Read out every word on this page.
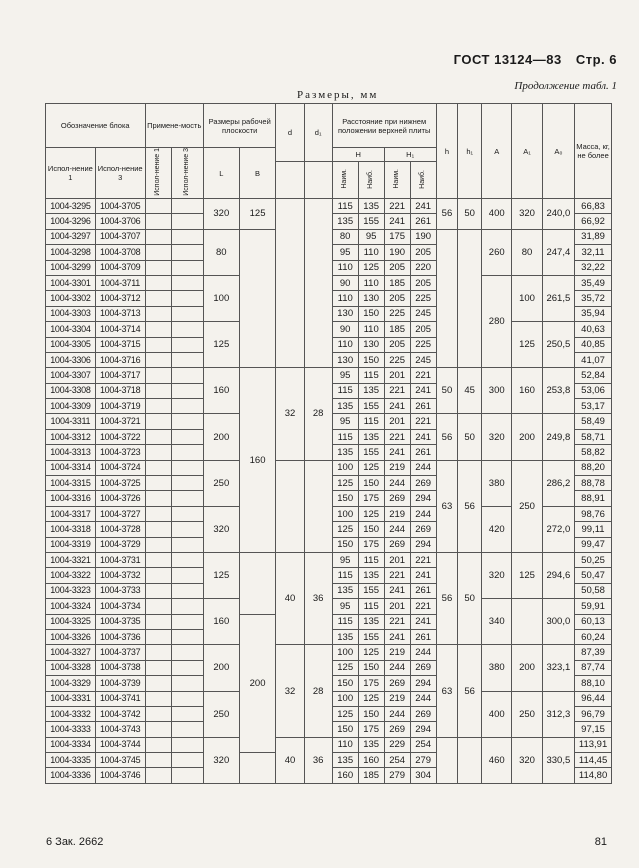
ГОСТ 13124—83 Стр. 6
Продолжение табл. 1
Размеры, мм
Обозначение блока		Примене-мость		Размеры рабочей плоскости		d	d₁	Расстояние при нижнем положении верхней плиты				h	h₁	A	A₁	A₀	Масса, кг, не более
Испол-нение 1	Испол-нение 3	Испол-нение 1	Испол-нение 3	L	B			H		H₁							
								Наим.	Наиб.	Наим.	Наиб.						
1004-3295	1004-3705			320	125			115	135	221	241	56	50	400	320	240,0	66,83
1004-3296	1004-3706							135	155	241	261						66,92
1004-3297	1004-3707			80				80	95	175	190			260	80	247,4	31,89
1004-3298	1004-3708							95	110	190	205						32,11
1004-3299	1004-3709							110	125	205	220						32,22
1004-3301	1004-3711			100				90	110	185	205			280	100	261,5	35,49
1004-3302	1004-3712							110	130	205	225						35,72
1004-3303	1004-3713							130	150	225	245						35,94
1004-3304	1004-3714			125				90	110	185	205				125	250,5	40,63
1004-3305	1004-3715							110	130	205	225						40,85
1004-3306	1004-3716							130	150	225	245						41,07
1004-3307	1004-3717			160	160	32	28	95	115	201	221	50	45	300	160	253,8	52,84
1004-3308	1004-3718							115	135	221	241						53,06
1004-3309	1004-3719							135	155	241	261						53,17
1004-3311	1004-3721			200				95	115	201	221	56	50	320	200	249,8	58,49
1004-3312	1004-3722							115	135	221	241						58,71
1004-3313	1004-3723							135	155	241	261						58,82
1004-3314	1004-3724			250				100	125	219	244	63	56	380	250	286,2	88,20
1004-3315	1004-3725							125	150	244	269						88,78
1004-3316	1004-3726							150	175	269	294						88,91
1004-3317	1004-3727			320				100	125	219	244			420		272,0	98,76
1004-3318	1004-3728							125	150	244	269						99,11
1004-3319	1004-3729							150	175	269	294						99,47
1004-3321	1004-3731			125		40	36	95	115	201	221	56	50	320	125	294,6	50,25
1004-3322	1004-3732							115	135	221	241						50,47
1004-3323	1004-3733							135	155	241	261						50,58
1004-3324	1004-3734			160				95	115	201	221			340		300,0	59,91
1004-3325	1004-3735				200			115	135	221	241						60,13
1004-3326	1004-3736							135	155	241	261						60,24
1004-3327	1004-3737			200		32	28	100	125	219	244	63	56	380	200	323,1	87,39
1004-3328	1004-3738							125	150	244	269						87,74
1004-3329	1004-3739							150	175	269	294						88,10
1004-3331	1004-3741			250				100	125	219	244			400	250	312,3	96,44
1004-3332	1004-3742							125	150	244	269						96,79
1004-3333	1004-3743							150	175	269	294						97,15
1004-3334	1004-3744			320		40	36	110	135	229	254			460	320	330,5	113,91
1004-3335	1004-3745							135	160	254	279						114,45
1004-3336	1004-3746							160	185	279	304						114,80
6 Зак. 2662	81
